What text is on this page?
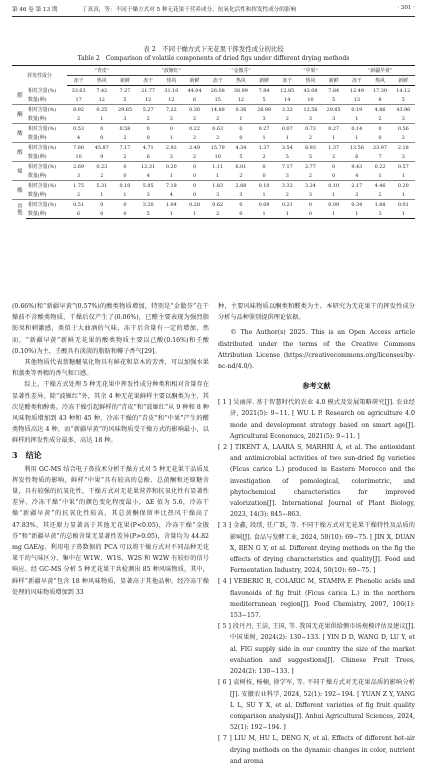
第 46 卷 第 13 期	丁真真，等：不同干燥方式对 5 种无花果干营养成分、抗氧化活性和挥发性成分的影响	· 301 ·
表 2　不同干燥方式下无花果干挥发性成分的比较
Table 2　Comparison of volatile components of dried figs under different drying methods
挥发性成分		“青皮”			“波姬红”			“金傲芬”			“中果”			“新疆早黄”		
		冻干	热风	新鲜	冻干	热风	新鲜	冻干	热风	新鲜	冻干	热风	新鲜	冻干	热风	新鲜
醛	相对含量(%)	33.63	7.42	7.27	21.77	31.10	44.04	26.08	38.99	7.84	12.85	43.08	7.84	12.49	17.30	14.12
	数量(种)	17	12	5	12	12	6	15	12	5	14	10	5	13	8	5
酮	相对含量(%)	8.92	0.25	29.85	5.27	7.22	0.30	14.88	0.36	28.98	3.32	12.56	29.85	0.19	4.86	43.96
	数量(种)	2	1	3	2	3	2	2	1	3	2	3	3	1	2	3
酸	相对含量(%)	0.53	0	0.58	0	0	0.22	0.63	0	0.27	0.07	0.73	0.27	0.14	0	0.56
	数量(种)	4	0	2	0	1	2	2	0	1	1	2	1	1	0	2
醇	相对含量(%)	7.80	45.87	7.17	4.71	2.92	2.49	15.79	4.34	1.37	3.54	8.93	1.37	13.56	23.97	2.18
	数量(种)	10	9	2	6	3	2	10	5	2	5	5	2	6	7	3
烯	相对含量(%)	2.69	0.23	0	12.31	0.20	0	1.11	6.01	0	7.17	2.77	0	9.43	0.22	0.57
	数量(种)	3	2	0	4	1	0	1	2	0	3	2	0	4	1	1
酯	相对含量(%)	1.75	5.31	0.10	5.95	7.18	0	1.83	2.88	0.10	3.32	3.24	0.10	2.17	4.46	0.20
	数量(种)	2	1	1	3	4	0	3	3	1	2	3	1	3	2	1
其他	相对含量(%)	0.51	0	0	3.20	1.04	0.28	0.62	0	0.09	0.21	0	0.09	0.34	1.88	0.01
	数量(种)	6	0	0	5	1	1	2	0	1	1	0	1	1	3	1

(0.66%)和“新疆早黄”(0.57%)的酸类物质增加，特别是“金傲芬”在干燥前不含酸类物质，干燥后仅产生了(0.06%)，已醛主要表现为强烈脂肪臭和刺激感，类似于大曲酒的气味，冻干后含量有一定的增加，然而，“新疆早黄”新鲜无花果的酸类物质主要以己酸(0.16%)和壬酸(0.10%)为主，壬酸具有淡淡的脂肪和椰子香气[29]。

其他物质代表萘糖醚氧化物具有鲜花和草木的芳香，可以加强水果和蒸类等香精的香气和口感。

综上，干燥方式处理 5 种无花果中挥发性成分种类和相对含量存在显著性差异。除“波姬红”外，其余 4 种无花果鲜样主要以酮类为主，其次是醛类和醇类。冷冻干燥引起鲜样的“青皮”和“波姬红”从 9 种和 8 种风味物质增加到 43 种和 45 种，冷冻干燥的“青皮”和“中果”产生的醛类物质高达 4 种，而“新疆早黄”的风味物质受干燥方式的影响最小，以鲜样的挥发性成分最多，高达 18 种。

3　结论

利用 GC-MS 结合电子鼻技术分析干燥方式对 5 种无花果干品质及挥发性物质的影响，鲜样“中果”具有较高的总酚、总黄酮和还原糖含量，具有较强的抗氧化性，干燥方式对无花果营养和抗氧化性有显著性差异，冷冻干燥“中果”的颜色变化程度最小，ΔE 值为 5.6，冷冻干燥“新疆早黄”的抗氧化性较高，其总黄酮保留率比热风干燥高了 47.83%，其还原力显著高于其他无花果(P<0.05)，冷冻干燥“金傲芬”和“新疆早黄”的总酚含量无显著性差异(P>0.05)，含量均为 44.82 mg GAE/g。利用电子鼻数据的 PCA 可以将干燥方式对不同品种无花果干的气味区分，集中在 W1W、W1S、W2S 和 W2W 有较好的信号响应。经 GC-MS 分析 5 种无花果干共检测出 85 种风味物质，其中，鲜样“新疆早黄”包含 18 种风味物质，显著高于其他品种，经冷冻干燥处理的风味物质增加到 33

种，主要风味物质以酮类和醛类为主。本研究为无花果干的挥发性成分分析与品种鉴别提供理论依据。

© The Author(s) 2025. This is an Open Access article distributed under the terms of the Creative Commons Attribution License (https://creativecommons.org/licenses/by-nc-nd/4.0/).

参考文献

[ 1 ] 吴丽萍. 基于智慧时代的农业 4.0 模式及发展策略研究[J]. 农业经济, 2021(5): 9−11. [ WU L P. Research on agriculture 4.0 mode and development strategy based on smart age[J]. Agricultural Economics, 2021(5): 9−11. ]

[ 2 ] TIKENT A, LAARA S, MARHRI A, et al. The antioxidant and antimicrobial activities of two sun-dried fig varieties (Ficus carica L.) produced in Eastern Morocco and the investigation of pomological, colorimetric, and phytochemical characteristics for improved valorization[J]. International Journal of Plant Biology, 2023, 14(3): 845−863.

[ 3 ] 金鑫, 段续, 任广跃, 等. 不同干燥方式对无花果干燥特性及品质的影响[J]. 食品与发酵工业, 2024, 50(10): 69−75. [ JIN X, DUAN X, REN G Y, et al. Different drying methods on the fig the effects of drying characteristics and quality[J]. Food and Fermentation Industry, 2024, 50(10): 69−75. ]

[ 4 ] VEBERIC R, COLARIC M, STAMPA F. Phenolic acids and flavonoids of fig fruit (Ficus carica L.) in the northern mediterranean region[J]. Food Chemistry, 2007, 106(1): 153−157.

[ 5 ] 段丹丹, 王洁, 王国, 等. 我国无花果供给侧市场规模评估及建议[J]. 中国果树, 2024(2): 130−133. [ YIN D D, WANG D, LU Y, et al. FIG supply side in our country the size of the market evaluation and suggestions[J]. Chinese Fruit Trees, 2024(2): 130−133. ]

[ 6 ] 袁树枝, 杨楠, 徐学军, 等. 不同干燥方式对无花果品质的影响分析[J]. 安徽农业科学, 2024, 52(1): 192−194. [ YUAN Z Y, YANG L L, SU Y X, et al. Different varieties of fig fruit quality comparison analysis[J]. Anhui Agricultural Sciences, 2024, 52(1): 192−194. ]

[ 7 ] LIU M, HU L, DENG N, et al. Effects of different hot-air drying methods on the dynamic changes in color, nutrient and aroma
